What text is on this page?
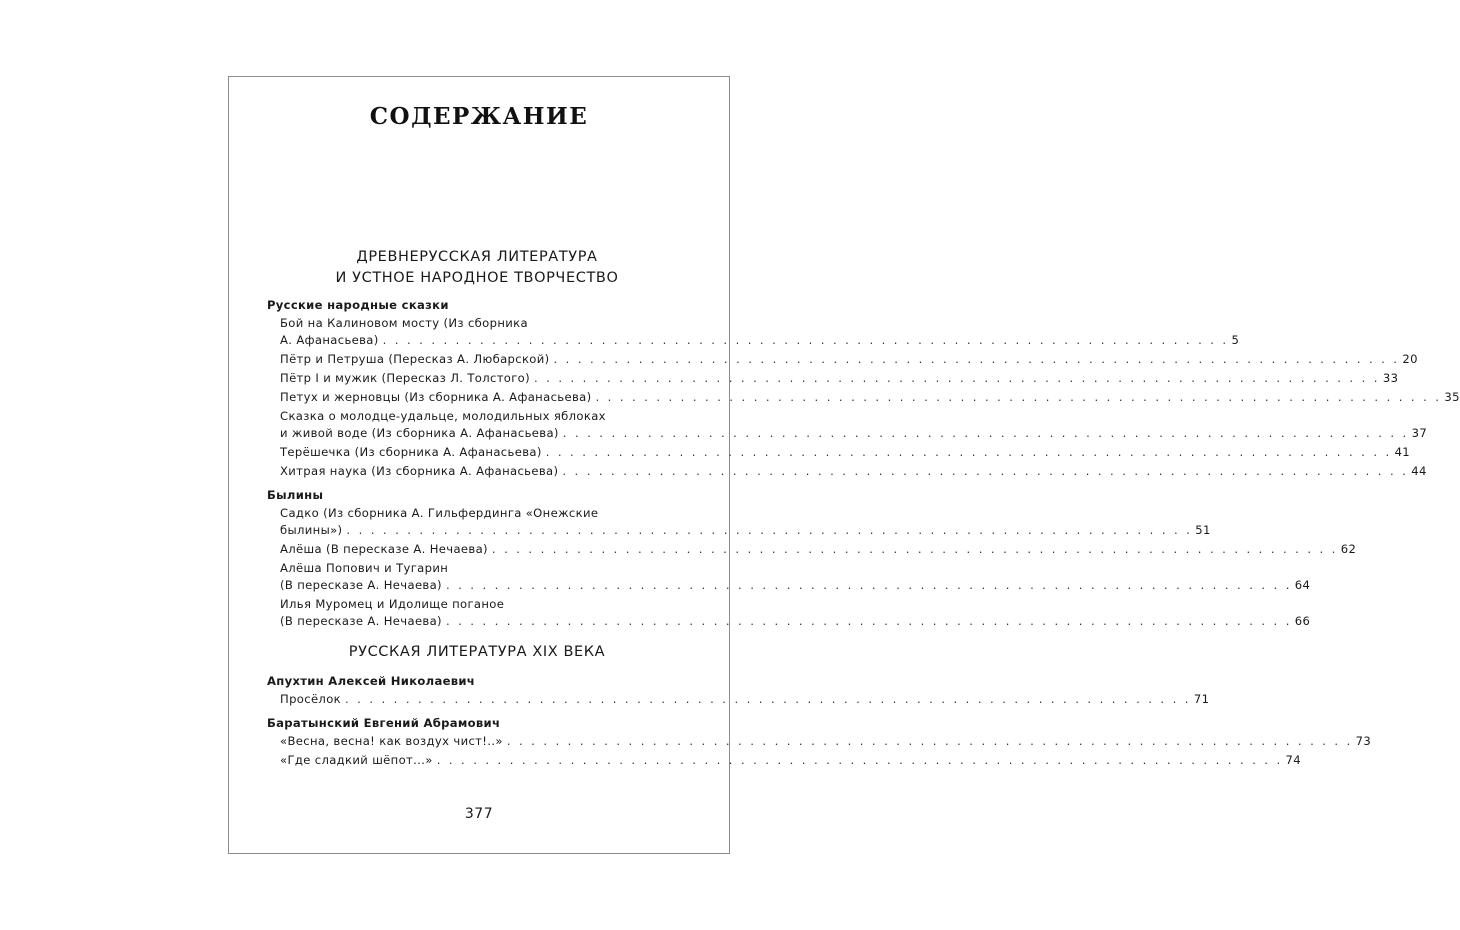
СОДЕРЖАНИЕ
ДРЕВНЕРУССКАЯ ЛИТЕРАТУРА
И УСТНОЕ НАРОДНОЕ ТВОРЧЕСТВО
Русские народные сказки
Бой на Калиновом мосту (Из сборника
А. Афанасьева) . . . . . . . . . . . . . . . . . . . . . . . . . . . . . . . . . . . . . . . . . . . . . . . . . . . . . . . . . . . . . . . . . . . . . . 5
Пётр и Петруша (Пересказ А. Любарской) . . . . . . . . . . . . . . . . . . . . . . . . . . . . . . . . . . . . . . . . . . . . . . . . . . . . . . . . . . . . . . . . . . . . . . 20
Пётр I и мужик (Пересказ Л. Толстого) . . . . . . . . . . . . . . . . . . . . . . . . . . . . . . . . . . . . . . . . . . . . . . . . . . . . . . . . . . . . . . . . . . . . . . 33
Петух и жерновцы (Из сборника А. Афанасьева) . . . . . . . . . . . . . . . . . . . . . . . . . . . . . . . . . . . . . . . . . . . . . . . . . . . . . . . . . . . . . . . . . . . . . . 35
Сказка о молодце-удальце, молодильных яблоках
и живой воде (Из сборника А. Афанасьева) . . . . . . . . . . . . . . . . . . . . . . . . . . . . . . . . . . . . . . . . . . . . . . . . . . . . . . . . . . . . . . . . . . . . . . 37
Терёшечка (Из сборника А. Афанасьева) . . . . . . . . . . . . . . . . . . . . . . . . . . . . . . . . . . . . . . . . . . . . . . . . . . . . . . . . . . . . . . . . . . . . . . 41
Хитрая наука (Из сборника А. Афанасьева) . . . . . . . . . . . . . . . . . . . . . . . . . . . . . . . . . . . . . . . . . . . . . . . . . . . . . . . . . . . . . . . . . . . . . . 44
Былины
Садко (Из сборника А. Гильфердинга «Онежские
былины») . . . . . . . . . . . . . . . . . . . . . . . . . . . . . . . . . . . . . . . . . . . . . . . . . . . . . . . . . . . . . . . . . . . . . . 51
Алёша (В пересказе А. Нечаева) . . . . . . . . . . . . . . . . . . . . . . . . . . . . . . . . . . . . . . . . . . . . . . . . . . . . . . . . . . . . . . . . . . . . . . 62
Алёша Попович и Тугарин
(В пересказе А. Нечаева) . . . . . . . . . . . . . . . . . . . . . . . . . . . . . . . . . . . . . . . . . . . . . . . . . . . . . . . . . . . . . . . . . . . . . . 64
Илья Муромец и Идолище поганое
(В пересказе А. Нечаева) . . . . . . . . . . . . . . . . . . . . . . . . . . . . . . . . . . . . . . . . . . . . . . . . . . . . . . . . . . . . . . . . . . . . . . 66
РУССКАЯ ЛИТЕРАТУРА XIX ВЕКА
Апухтин Алексей Николаевич
Просёлок . . . . . . . . . . . . . . . . . . . . . . . . . . . . . . . . . . . . . . . . . . . . . . . . . . . . . . . . . . . . . . . . . . . . . . 71
Баратынский Евгений Абрамович
«Весна, весна! как воздух чист!..» . . . . . . . . . . . . . . . . . . . . . . . . . . . . . . . . . . . . . . . . . . . . . . . . . . . . . . . . . . . . . . . . . . . . . . 73
«Где сладкий шёпот...» . . . . . . . . . . . . . . . . . . . . . . . . . . . . . . . . . . . . . . . . . . . . . . . . . . . . . . . . . . . . . . . . . . . . . . 74
377
